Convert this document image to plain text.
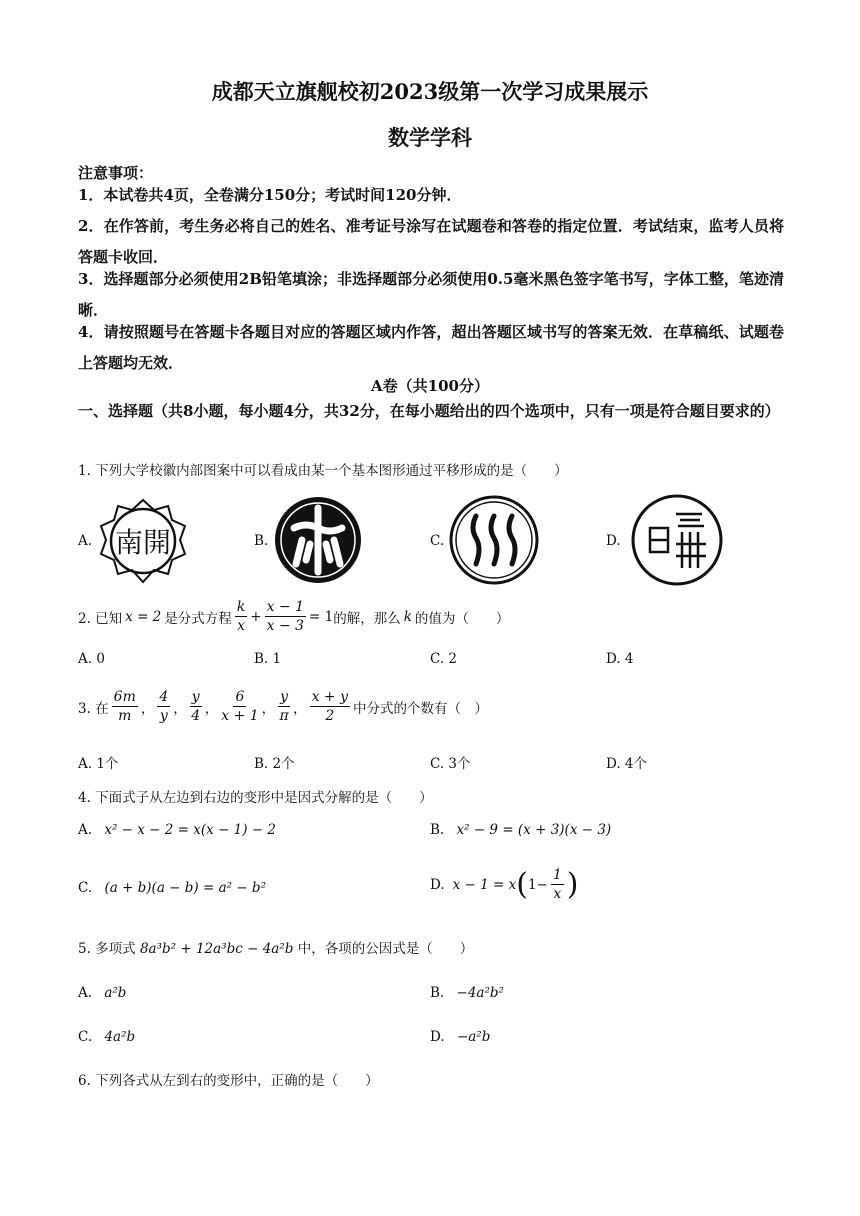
成都天立旗舰校初2023级第一次学习成果展示
数学学科
注意事项：
1．本试卷共4页，全卷满分150分；考试时间120分钟．
2．在作答前，考生务必将自己的姓名、准考证号涂写在试题卷和答卷的指定位置．考试结束，监考人员将答题卡收回．
3．选择题部分必须使用2B铅笔填涂；非选择题部分必须使用0.5毫米黑色签字笔书写，字体工整，笔迹清晰．
4．请按照题号在答题卡各题目对应的答题区域内作答，超出答题区域书写的答案无效．在草稿纸、试题卷上答题均无效．
A卷（共100分）
一、选择题（共8小题，每小题4分，共32分，在每小题给出的四个选项中，只有一项是符合题目要求的）
1. 下列大学校徽内部图案中可以看成由某一个基本图形通过平移形成的是（　　）
A. 南開	B.	C.	D.
2. 已知 x = 2 是分式方程 $\frac{k}{x} + \frac{x - 1}{x - 3} = 1$ 的解，那么 k 的值为（　　）
A. 0	B. 1	C. 2	D. 4
3. 在 $\frac{6m}{m}$ ， $\frac{4}{y}$ ， $\frac{y}{4}$ ， $\frac{6}{x + 1}$ ， $\frac{y}{\pi}$ ， $\frac{x + y}{2}$ 中分式的个数有（　）
A. 1个	B. 2个	C. 3个	D. 4个
4. 下面式子从左边到右边的变形中是因式分解的是（　　）
A. x² − x − 2 = x(x − 1) − 2	B. x² − 9 = (x + 3)(x − 3)
C. (a + b)(a − b) = a² − b²	D. x − 1 = x ( $1- \frac{1}{x}$ )
5. 多项式 8a³b² + 12a³bc − 4a²b 中，各项的公因式是（　　）
A. a²b	B. −4a²b²
C. 4a²b	D. −a²b
6. 下列各式从左到右的变形中，正确的是（　　）
